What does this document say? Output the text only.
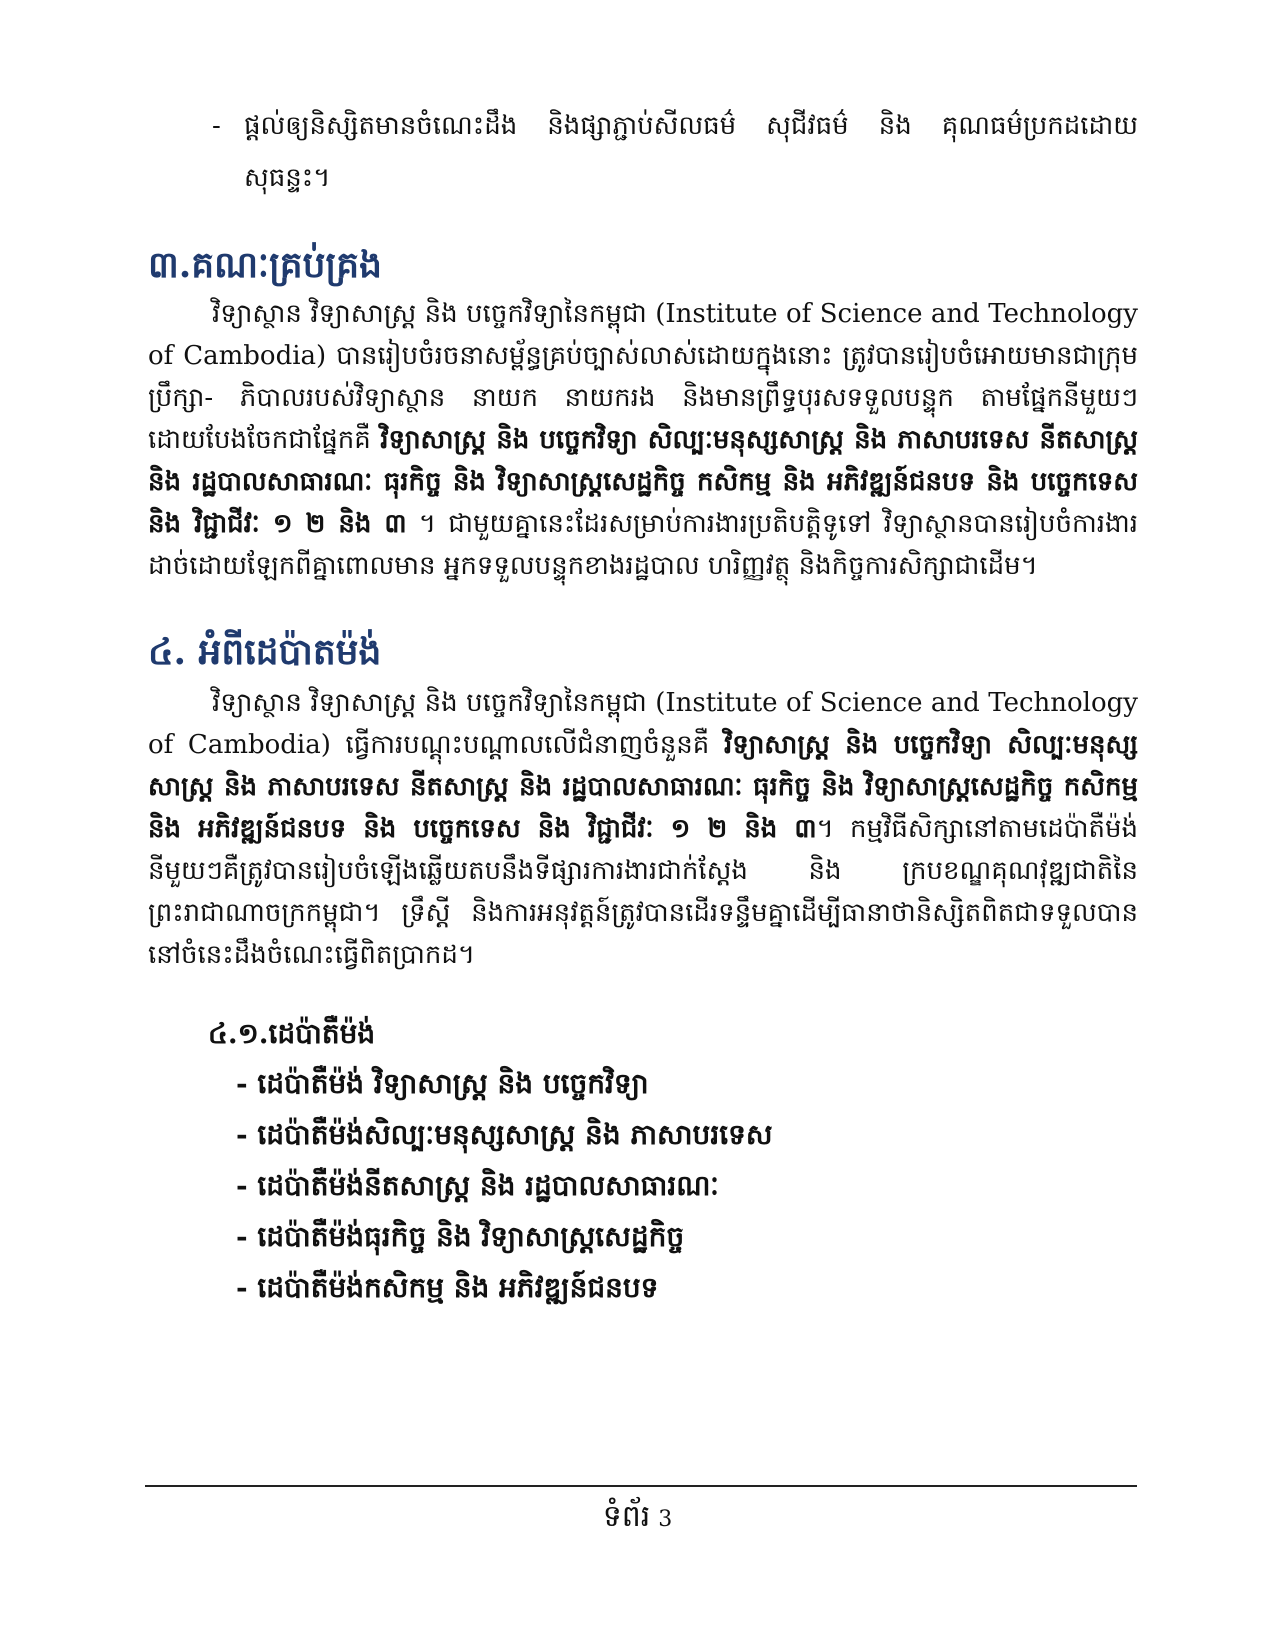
- ផ្តល់ឲ្យនិស្សិតមានចំណេះដឹង និងផ្សាភ្ជាប់សីលធម៌ សុជីវធម៌ និង គុណធម៌ប្រកដដោយ សុធន្ទះ។
៣.គណៈគ្រប់គ្រង
វិទ្យាស្ថាន វិទ្យាសាស្ត្រ និង បច្ចេកវិទ្យានៃកម្ពុជា (Institute of Science and Technology of Cambodia) បានរៀបចំរចនាសម្ព័ន្ធគ្រប់ច្បាស់លាស់ដោយក្នុងនោះ ត្រូវបានរៀបចំអោយមានជាក្រុមប្រឹក្សា- ភិបាលរបស់វិទ្យាស្ថាន នាយក នាយករង និងមានព្រឹទ្ធបុរសទទួលបន្ទុក តាមផ្នែកនីមួយៗដោយបែងចែកជាផ្នែកគឺ វិទ្យាសាស្ត្រ និង បច្ចេកវិទ្យា សិល្បៈមនុស្សសាស្ត្រ និង ភាសាបរទេស នីតសាស្ត្រ និង រដ្ឋបាលសាធារណៈ ធុរកិច្ច និង វិទ្យាសាស្ត្រសេដ្ឋកិច្ច កសិកម្ម និង អភិវឌ្ឍន៍ជនបទ និង បច្ចេកទេស និង វិជ្ជាជីវៈ ១ ២ និង ៣ ។ ជាមួយគ្នានេះដែរសម្រាប់ការងារប្រតិបត្តិទូទៅ វិទ្យាស្ថានបានរៀបចំការងារដាច់ដោយឡែកពីគ្នាពោលមាន អ្នកទទួលបន្ទុកខាងរដ្ឋបាល ហរិញ្ញវត្ថុ និងកិច្ចការសិក្សាជាដើម។
៤. អំពីដេប៉ាតម៉ង់
វិទ្យាស្ថាន វិទ្យាសាស្ត្រ និង បច្ចេកវិទ្យានៃកម្ពុជា (Institute of Science and Technology of Cambodia) ធ្វើការបណ្តុះបណ្តាលលើជំនាញចំនួនគឺ វិទ្យាសាស្ត្រ និង បច្ចេកវិទ្យា សិល្បៈមនុស្សសាស្ត្រ និង ភាសាបរទេស នីតសាស្ត្រ និង រដ្ឋបាលសាធារណៈ ធុរកិច្ច និង វិទ្យាសាស្ត្រសេដ្ឋកិច្ច កសិកម្ម និង អភិវឌ្ឍន៍ជនបទ និង បច្ចេកទេស និង វិជ្ជាជីវៈ ១ ២ និង ៣។ កម្មវិធីសិក្សានៅតាមដេប៉ាតឺម៉ង់ នីមួយៗគឺត្រូវបានរៀបចំឡើងឆ្លើយតបនឹងទីផ្សារការងារជាក់ស្តែង និង ក្របខណ្ឌគុណវុឌ្ឍជាតិនៃព្រះរាជាណាចក្រកម្ពុជា។ ទ្រឹស្តី និងការអនុវត្តន៍ត្រូវបានដើរទន្ទឹមគ្នាដើម្បីធានាថានិស្សិតពិតជាទទួលបាននៅចំនេះដឹងចំណេះធ្វើពិតប្រាកដ។
៤.១.ដេប៉ាតឺម៉ង់
- ដេប៉ាតឺម៉ង់ វិទ្យាសាស្ត្រ និង បច្ចេកវិទ្យា
- ដេប៉ាតឺម៉ង់សិល្បៈមនុស្សសាស្ត្រ និង ភាសាបរទេស
- ដេប៉ាតឺម៉ង់នីតសាស្ត្រ និង រដ្ឋបាលសាធារណៈ
- ដេប៉ាតឺម៉ង់ធុរកិច្ច និង វិទ្យាសាស្ត្រសេដ្ឋកិច្ច
- ដេប៉ាតឺម៉ង់កសិកម្ម និង អភិវឌ្ឍន៍ជនបទ
ទំព័រ 3
